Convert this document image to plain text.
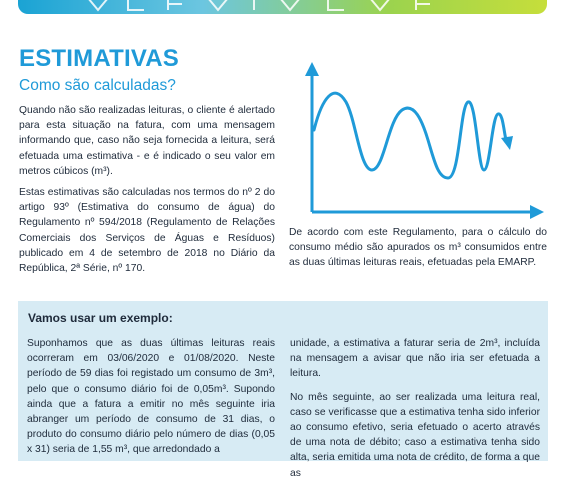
ESTIMATIVAS
Como são calculadas?

Quando não são realizadas leituras, o cliente é alertado para esta situação na fatura, com uma mensagem informando que, caso não seja fornecida a leitura, será efetuada uma estimativa - e é indicado o seu valor em metros cúbicos (m³).

Estas estimativas são calculadas nos termos do nº 2 do artigo 93º (Estimativa do consumo de água) do Regulamento nº 594/2018 (Regulamento de Relações Comerciais dos Serviços de Águas e Resíduos) publicado em 4 de setembro de 2018 no Diário da República, 2ª Série, nº 170.

De acordo com este Regulamento, para o cálculo do consumo médio são apurados os m³ consumidos entre as duas últimas leituras reais, efetuadas pela EMARP.

Vamos usar um exemplo:

Suponhamos que as duas últimas leituras reais ocorreram em 03/06/2020 e 01/08/2020. Neste período de 59 dias foi registado um consumo de 3m³, pelo que o consumo diário foi de 0,05m³. Supondo ainda que a fatura a emitir no mês seguinte iria abranger um período de consumo de 31 dias, o produto do consumo diário pelo número de dias (0,05 x 31) seria de 1,55 m³, que arredondado a

unidade, a estimativa a faturar seria de 2m³, incluída na mensagem a avisar que não iria ser efetuada a leitura.
No mês seguinte, ao ser realizada uma leitura real, caso se verificasse que a estimativa tenha sido inferior ao consumo efetivo, seria efetuado o acerto através de uma nota de débito; caso a estimativa tenha sido alta, seria emitida uma nota de crédito, de forma a que as
